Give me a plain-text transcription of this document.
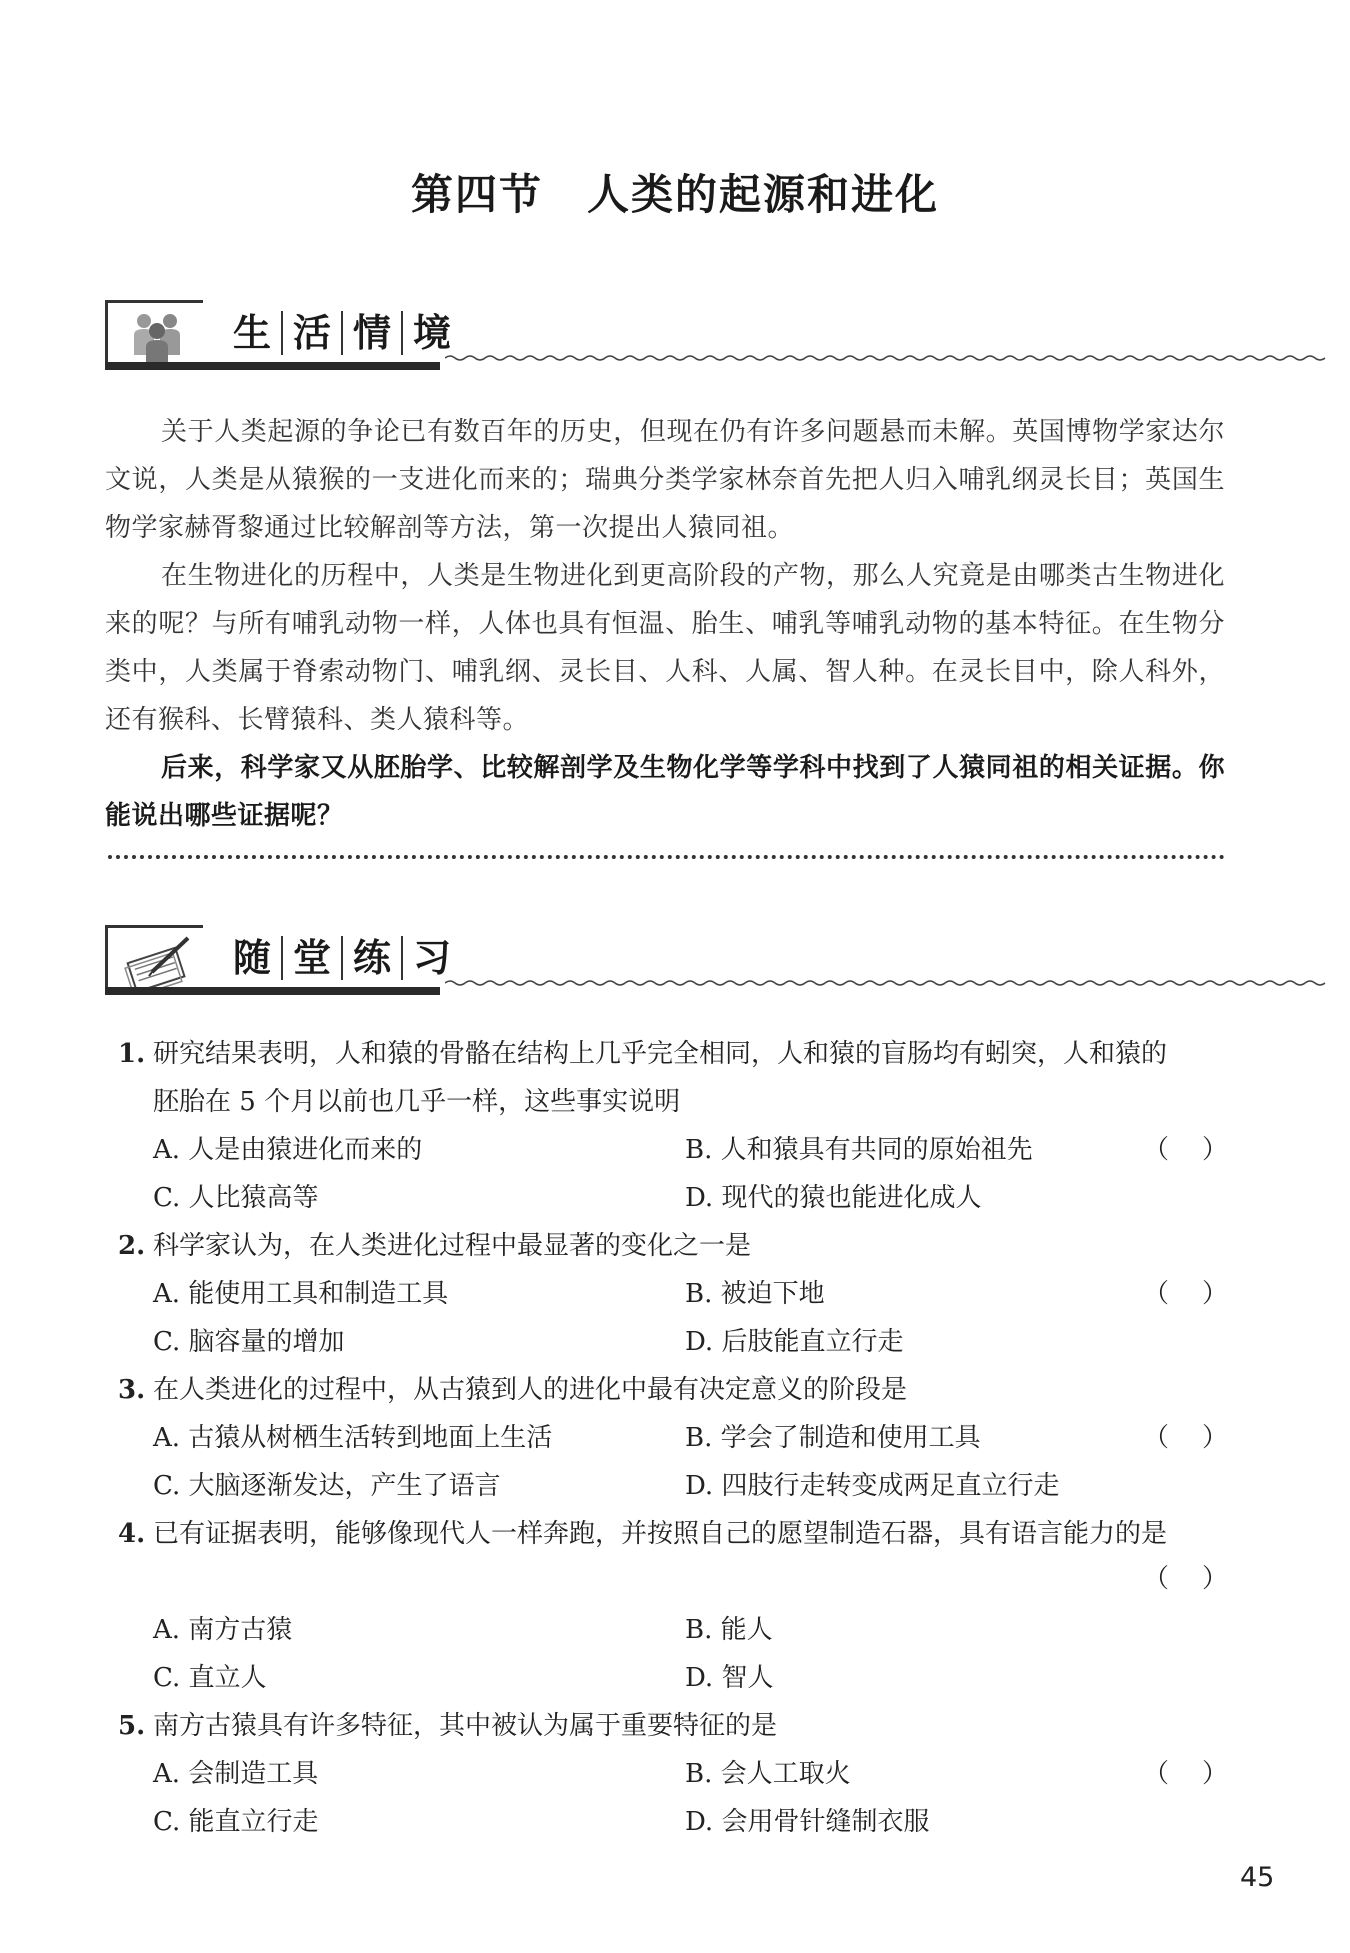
第四节 人类的起源和进化
生 活 情 境

关于人类起源的争论已有数百年的历史，但现在仍有许多问题悬而未解。英国博物学家达尔文说，人类是从猿猴的一支进化而来的；瑞典分类学家林奈首先把人归入哺乳纲灵长目；英国生物学家赫胥黎通过比较解剖等方法，第一次提出人猿同祖。

在生物进化的历程中，人类是生物进化到更高阶段的产物，那么人究竟是由哪类古生物进化来的呢？与所有哺乳动物一样，人体也具有恒温、胎生、哺乳等哺乳动物的基本特征。在生物分类中，人类属于脊索动物门、哺乳纲、灵长目、人科、人属、智人种。在灵长目中，除人科外，还有猴科、长臂猿科、类人猿科等。

后来，科学家又从胚胎学、比较解剖学及生物化学等学科中找到了人猿同祖的相关证据。你能说出哪些证据呢？

随 堂 练 习
1. 研究结果表明，人和猿的骨骼在结构上几乎完全相同，人和猿的盲肠均有蚓突，人和猿的
胚胎在 5 个月以前也几乎一样，这些事实说明
（ ）
A. 人是由猿进化而来的	B. 人和猿具有共同的原始祖先
C. 人比猿高等	D. 现代的猿也能进化成人
2. 科学家认为，在人类进化过程中最显著的变化之一是
（ ）
A. 能使用工具和制造工具	B. 被迫下地
C. 脑容量的增加	D. 后肢能直立行走
3. 在人类进化的过程中，从古猿到人的进化中最有决定意义的阶段是
（ ）
A. 古猿从树栖生活转到地面上生活	B. 学会了制造和使用工具
C. 大脑逐渐发达，产生了语言	D. 四肢行走转变成两足直立行走
4. 已有证据表明，能够像现代人一样奔跑，并按照自己的愿望制造石器，具有语言能力的是
（ ）
A. 南方古猿	B. 能人
C. 直立人	D. 智人
5. 南方古猿具有许多特征，其中被认为属于重要特征的是
（ ）
A. 会制造工具	B. 会人工取火
C. 能直立行走	D. 会用骨针缝制衣服
45
